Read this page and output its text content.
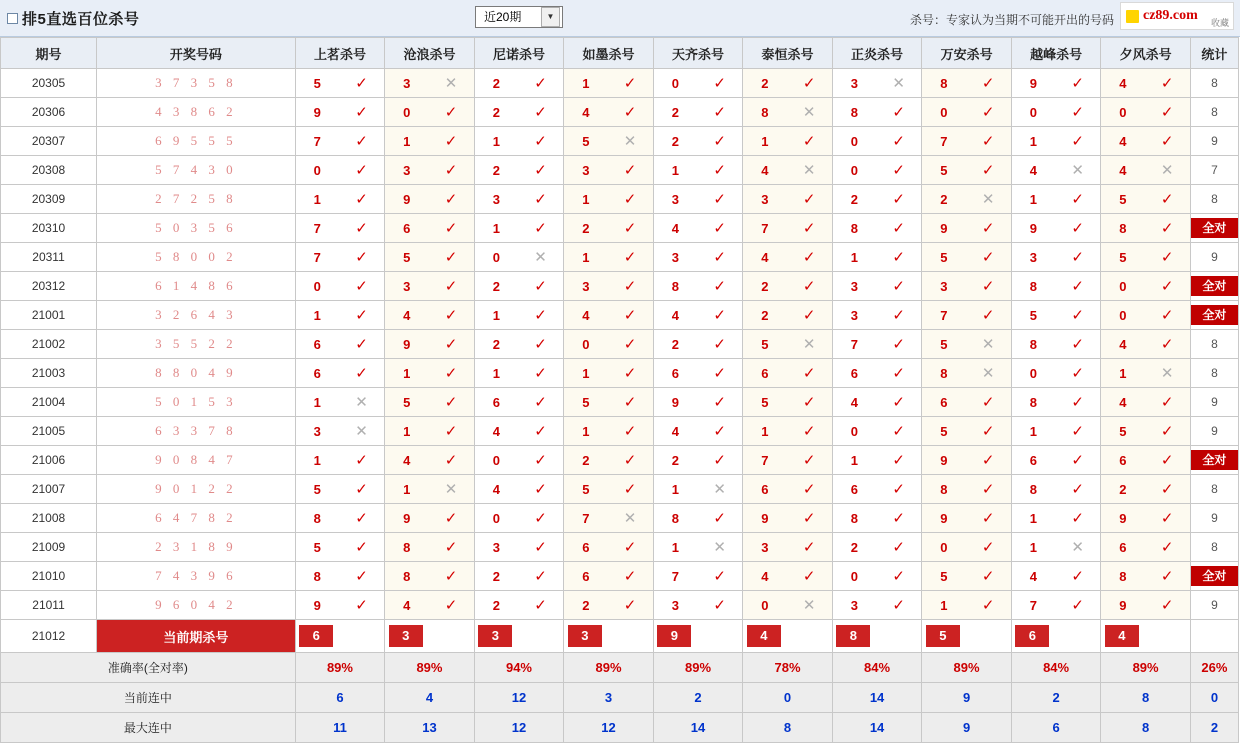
排5直选百位杀号	近20期	▼	杀号：专家认为当期不可能开出的号码 cz89.com 收藏
期号	开奖号码	上茗杀号		沧浪杀号		尼诺杀号		如墨杀号		天齐杀号		泰恒杀号		正炎杀号		万安杀号		越峰杀号		夕风杀号		统计
20305	3 7 3 5 8	5	✓	3	✕	2	✓	1	✓	0	✓	2	✓	3	✕	8	✓	9	✓	4	✓	8
20306	4 3 8 6 2	9	✓	0	✓	2	✓	4	✓	2	✓	8	✕	8	✓	0	✓	0	✓	0	✓	8
20307	6 9 5 5 5	7	✓	1	✓	1	✓	5	✕	2	✓	1	✓	0	✓	7	✓	1	✓	4	✓	9
20308	5 7 4 3 0	0	✓	3	✓	2	✓	3	✓	1	✓	4	✕	0	✓	5	✓	4	✕	4	✕	7
20309	2 7 2 5 8	1	✓	9	✓	3	✓	1	✓	3	✓	3	✓	2	✓	2	✕	1	✓	5	✓	8
20310	5 0 3 5 6	7	✓	6	✓	1	✓	2	✓	4	✓	7	✓	8	✓	9	✓	9	✓	8	✓	全对

20311	5 8 0 0 2	7	✓	5	✓	0	✕	1	✓	3	✓	4	✓	1	✓	5	✓	3	✓	5	✓	9
20312	6 1 4 8 6	0	✓	3	✓	2	✓	3	✓	8	✓	2	✓	3	✓	3	✓	8	✓	0	✓	全对

21001	3 2 6 4 3	1	✓	4	✓	1	✓	4	✓	4	✓	2	✓	3	✓	7	✓	5	✓	0	✓	全对

21002	3 5 5 2 2	6	✓	9	✓	2	✓	0	✓	2	✓	5	✕	7	✓	5	✕	8	✓	4	✓	8
21003	8 8 0 4 9	6	✓	1	✓	1	✓	1	✓	6	✓	6	✓	6	✓	8	✕	0	✓	1	✕	8
21004	5 0 1 5 3	1	✕	5	✓	6	✓	5	✓	9	✓	5	✓	4	✓	6	✓	8	✓	4	✓	9
21005	6 3 3 7 8	3	✕	1	✓	4	✓	1	✓	4	✓	1	✓	0	✓	5	✓	1	✓	5	✓	9
21006	9 0 8 4 7	1	✓	4	✓	0	✓	2	✓	2	✓	7	✓	1	✓	9	✓	6	✓	6	✓	全对

21007	9 0 1 2 2	5	✓	1	✕	4	✓	5	✓	1	✕	6	✓	6	✓	8	✓	8	✓	2	✓	8
21008	6 4 7 8 2	8	✓	9	✓	0	✓	7	✕	8	✓	9	✓	8	✓	9	✓	1	✓	9	✓	9
21009	2 3 1 8 9	5	✓	8	✓	3	✓	6	✓	1	✕	3	✓	2	✓	0	✓	1	✕	6	✓	8
21010	7 4 3 9 6	8	✓	8	✓	2	✓	6	✓	7	✓	4	✓	0	✓	5	✓	4	✓	8	✓	全对

21011	9 6 0 4 2	9	✓	4	✓	2	✓	2	✓	3	✓	0	✕	3	✓	1	✓	7	✓	9	✓	9
21012	当前期杀号	6		3		3		3		9		4		8		5		6		4		
准确率(全对率)		89%		89%		94%		89%		89%		78%		84%		89%		84%		89%		26%
当前连中		6		4		12		3		2		0		14		9		2		8		0
最大连中		11		13		12		12		14		8		14		9		6		8		2
